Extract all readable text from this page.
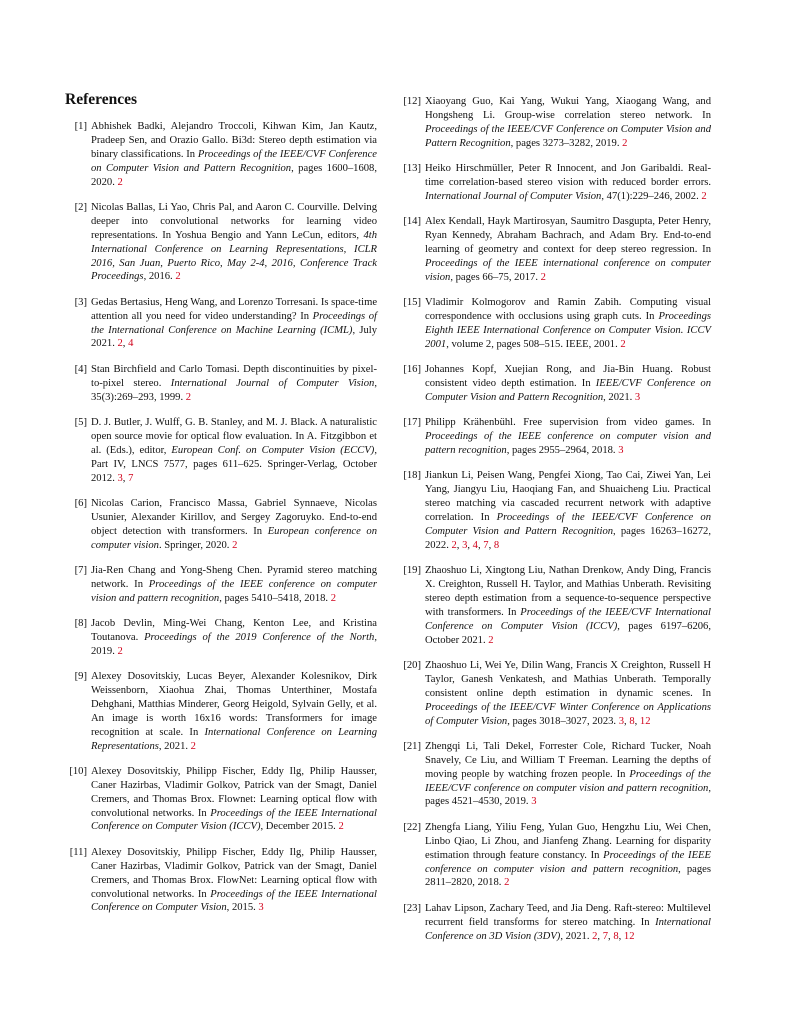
References

[1] Abhishek Badki, Alejandro Troccoli, Kihwan Kim, Jan Kautz, Pradeep Sen, and Orazio Gallo. Bi3d: Stereo depth estimation via binary classifications. In Proceedings of the IEEE/CVF Conference on Computer Vision and Pattern Recognition, pages 1600–1608, 2020. 2

[2] Nicolas Ballas, Li Yao, Chris Pal, and Aaron C. Courville. Delving deeper into convolutional networks for learning video representations. In Yoshua Bengio and Yann LeCun, editors, 4th International Conference on Learning Representations, ICLR 2016, San Juan, Puerto Rico, May 2-4, 2016, Conference Track Proceedings, 2016. 2

[3] Gedas Bertasius, Heng Wang, and Lorenzo Torresani. Is space-time attention all you need for video understanding? In Proceedings of the International Conference on Machine Learning (ICML), July 2021. 2, 4

[4] Stan Birchfield and Carlo Tomasi. Depth discontinuities by pixel-to-pixel stereo. International Journal of Computer Vision, 35(3):269–293, 1999. 2

[5] D. J. Butler, J. Wulff, G. B. Stanley, and M. J. Black. A naturalistic open source movie for optical flow evaluation. In A. Fitzgibbon et al. (Eds.), editor, European Conf. on Computer Vision (ECCV), Part IV, LNCS 7577, pages 611–625. Springer-Verlag, October 2012. 3, 7

[6] Nicolas Carion, Francisco Massa, Gabriel Synnaeve, Nicolas Usunier, Alexander Kirillov, and Sergey Zagoruyko. End-to-end object detection with transformers. In European conference on computer vision. Springer, 2020. 2

[7] Jia-Ren Chang and Yong-Sheng Chen. Pyramid stereo matching network. In Proceedings of the IEEE conference on computer vision and pattern recognition, pages 5410–5418, 2018. 2

[8] Jacob Devlin, Ming-Wei Chang, Kenton Lee, and Kristina Toutanova. Proceedings of the 2019 Conference of the North, 2019. 2

[9] Alexey Dosovitskiy, Lucas Beyer, Alexander Kolesnikov, Dirk Weissenborn, Xiaohua Zhai, Thomas Unterthiner, Mostafa Dehghani, Matthias Minderer, Georg Heigold, Sylvain Gelly, et al. An image is worth 16x16 words: Transformers for image recognition at scale. In International Conference on Learning Representations, 2021. 2

[10] Alexey Dosovitskiy, Philipp Fischer, Eddy Ilg, Philip Hausser, Caner Hazirbas, Vladimir Golkov, Patrick van der Smagt, Daniel Cremers, and Thomas Brox. Flownet: Learning optical flow with convolutional networks. In Proceedings of the IEEE International Conference on Computer Vision (ICCV), December 2015. 2

[11] Alexey Dosovitskiy, Philipp Fischer, Eddy Ilg, Philip Hausser, Caner Hazirbas, Vladimir Golkov, Patrick van der Smagt, Daniel Cremers, and Thomas Brox. FlowNet: Learning optical flow with convolutional networks. In Proceedings of the IEEE International Conference on Computer Vision, 2015. 3

[12] Xiaoyang Guo, Kai Yang, Wukui Yang, Xiaogang Wang, and Hongsheng Li. Group-wise correlation stereo network. In Proceedings of the IEEE/CVF Conference on Computer Vision and Pattern Recognition, pages 3273–3282, 2019. 2

[13] Heiko Hirschmüller, Peter R Innocent, and Jon Garibaldi. Real-time correlation-based stereo vision with reduced border errors. International Journal of Computer Vision, 47(1):229–246, 2002. 2

[14] Alex Kendall, Hayk Martirosyan, Saumitro Dasgupta, Peter Henry, Ryan Kennedy, Abraham Bachrach, and Adam Bry. End-to-end learning of geometry and context for deep stereo regression. In Proceedings of the IEEE international conference on computer vision, pages 66–75, 2017. 2

[15] Vladimir Kolmogorov and Ramin Zabih. Computing visual correspondence with occlusions using graph cuts. In Proceedings Eighth IEEE International Conference on Computer Vision. ICCV 2001, volume 2, pages 508–515. IEEE, 2001. 2

[16] Johannes Kopf, Xuejian Rong, and Jia-Bin Huang. Robust consistent video depth estimation. In IEEE/CVF Conference on Computer Vision and Pattern Recognition, 2021. 3

[17] Philipp Krähenbühl. Free supervision from video games. In Proceedings of the IEEE conference on computer vision and pattern recognition, pages 2955–2964, 2018. 3

[18] Jiankun Li, Peisen Wang, Pengfei Xiong, Tao Cai, Ziwei Yan, Lei Yang, Jiangyu Liu, Haoqiang Fan, and Shuaicheng Liu. Practical stereo matching via cascaded recurrent network with adaptive correlation. In Proceedings of the IEEE/CVF Conference on Computer Vision and Pattern Recognition, pages 16263–16272, 2022. 2, 3, 4, 7, 8

[19] Zhaoshuo Li, Xingtong Liu, Nathan Drenkow, Andy Ding, Francis X. Creighton, Russell H. Taylor, and Mathias Unberath. Revisiting stereo depth estimation from a sequence-to-sequence perspective with transformers. In Proceedings of the IEEE/CVF International Conference on Computer Vision (ICCV), pages 6197–6206, October 2021. 2

[20] Zhaoshuo Li, Wei Ye, Dilin Wang, Francis X Creighton, Russell H Taylor, Ganesh Venkatesh, and Mathias Unberath. Temporally consistent online depth estimation in dynamic scenes. In Proceedings of the IEEE/CVF Winter Conference on Applications of Computer Vision, pages 3018–3027, 2023. 3, 8, 12

[21] Zhengqi Li, Tali Dekel, Forrester Cole, Richard Tucker, Noah Snavely, Ce Liu, and William T Freeman. Learning the depths of moving people by watching frozen people. In Proceedings of the IEEE/CVF conference on computer vision and pattern recognition, pages 4521–4530, 2019. 3

[22] Zhengfa Liang, Yiliu Feng, Yulan Guo, Hengzhu Liu, Wei Chen, Linbo Qiao, Li Zhou, and Jianfeng Zhang. Learning for disparity estimation through feature constancy. In Proceedings of the IEEE conference on computer vision and pattern recognition, pages 2811–2820, 2018. 2

[23] Lahav Lipson, Zachary Teed, and Jia Deng. Raft-stereo: Multilevel recurrent field transforms for stereo matching. In International Conference on 3D Vision (3DV), 2021. 2, 7, 8, 12
